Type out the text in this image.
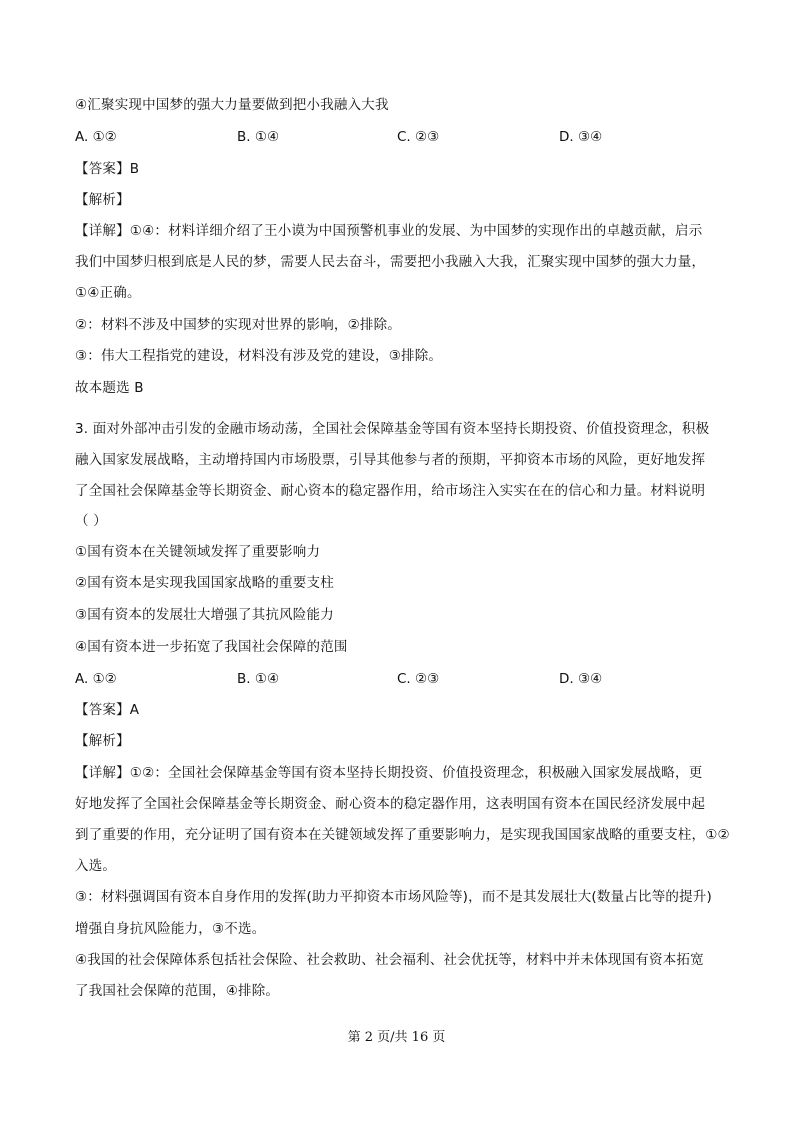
④汇聚实现中国梦的强大力量要做到把小我融入大我
A. ①②	B. ①④	C. ②③	D. ③④
【答案】B
【解析】
【详解】①④：材料详细介绍了王小谟为中国预警机事业的发展、为中国梦的实现作出的卓越贡献，启示
我们中国梦归根到底是人民的梦，需要人民去奋斗，需要把小我融入大我，汇聚实现中国梦的强大力量，
①④正确。
②：材料不涉及中国梦的实现对世界的影响，②排除。
③：伟大工程指党的建设，材料没有涉及党的建设，③排除。
故本题选 B
3. 面对外部冲击引发的金融市场动荡，全国社会保障基金等国有资本坚持长期投资、价值投资理念，积极
融入国家发展战略，主动增持国内市场股票，引导其他参与者的预期，平抑资本市场的风险，更好地发挥
了全国社会保障基金等长期资金、耐心资本的稳定器作用，给市场注入实实在在的信心和力量。材料说明
（ ）
①国有资本在关键领域发挥了重要影响力
②国有资本是实现我国国家战略的重要支柱
③国有资本的发展壮大增强了其抗风险能力
④国有资本进一步拓宽了我国社会保障的范围
A. ①②	B. ①④	C. ②③	D. ③④
【答案】A
【解析】
【详解】①②：全国社会保障基金等国有资本坚持长期投资、价值投资理念，积极融入国家发展战略，更
好地发挥了全国社会保障基金等长期资金、耐心资本的稳定器作用，这表明国有资本在国民经济发展中起
到了重要的作用，充分证明了国有资本在关键领域发挥了重要影响力，是实现我国国家战略的重要支柱，①②
入选。
③：材料强调国有资本自身作用的发挥(助力平抑资本市场风险等)，而不是其发展壮大(数量占比等的提升)
增强自身抗风险能力，③不选。
④我国的社会保障体系包括社会保险、社会救助、社会福利、社会优抚等，材料中并未体现国有资本拓宽
了我国社会保障的范围，④排除。
第 2 页/共 16 页
